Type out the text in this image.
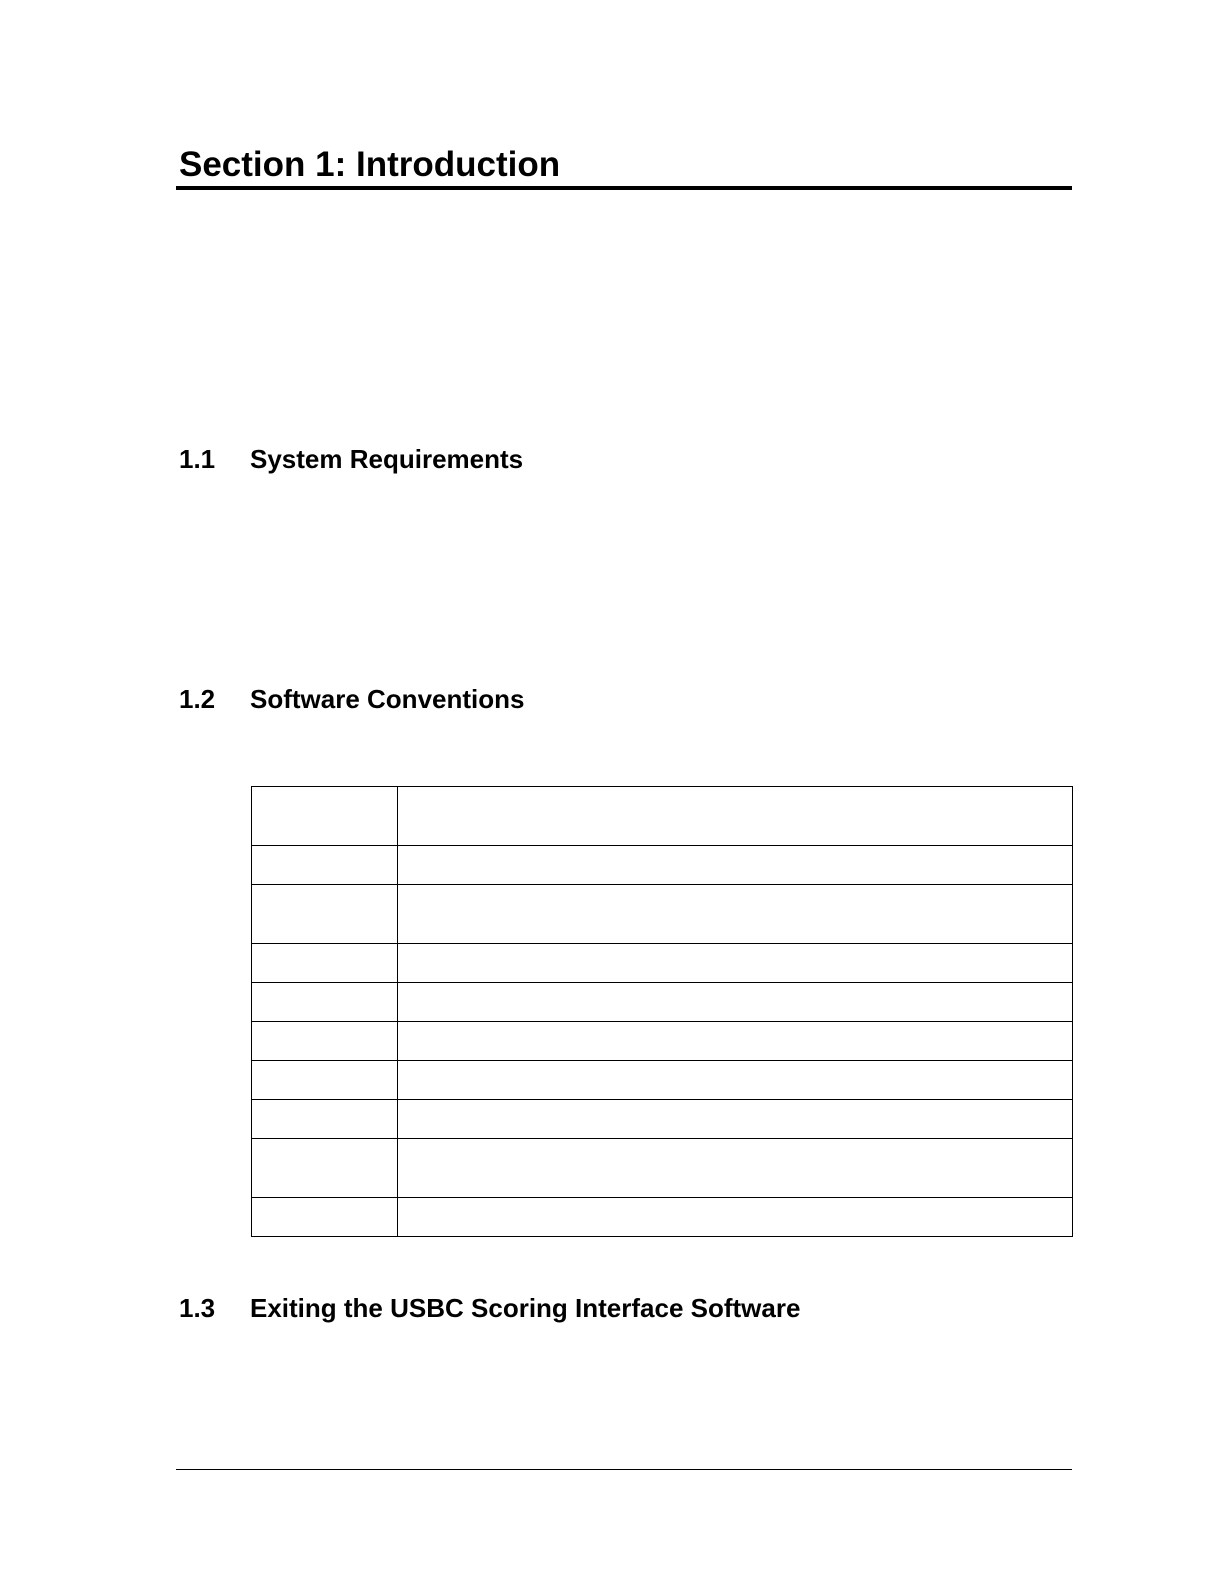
Section 1: Introduction
1.1 System Requirements
1.2 Software Conventions

1.3 Exiting the USBC Scoring Interface Software
